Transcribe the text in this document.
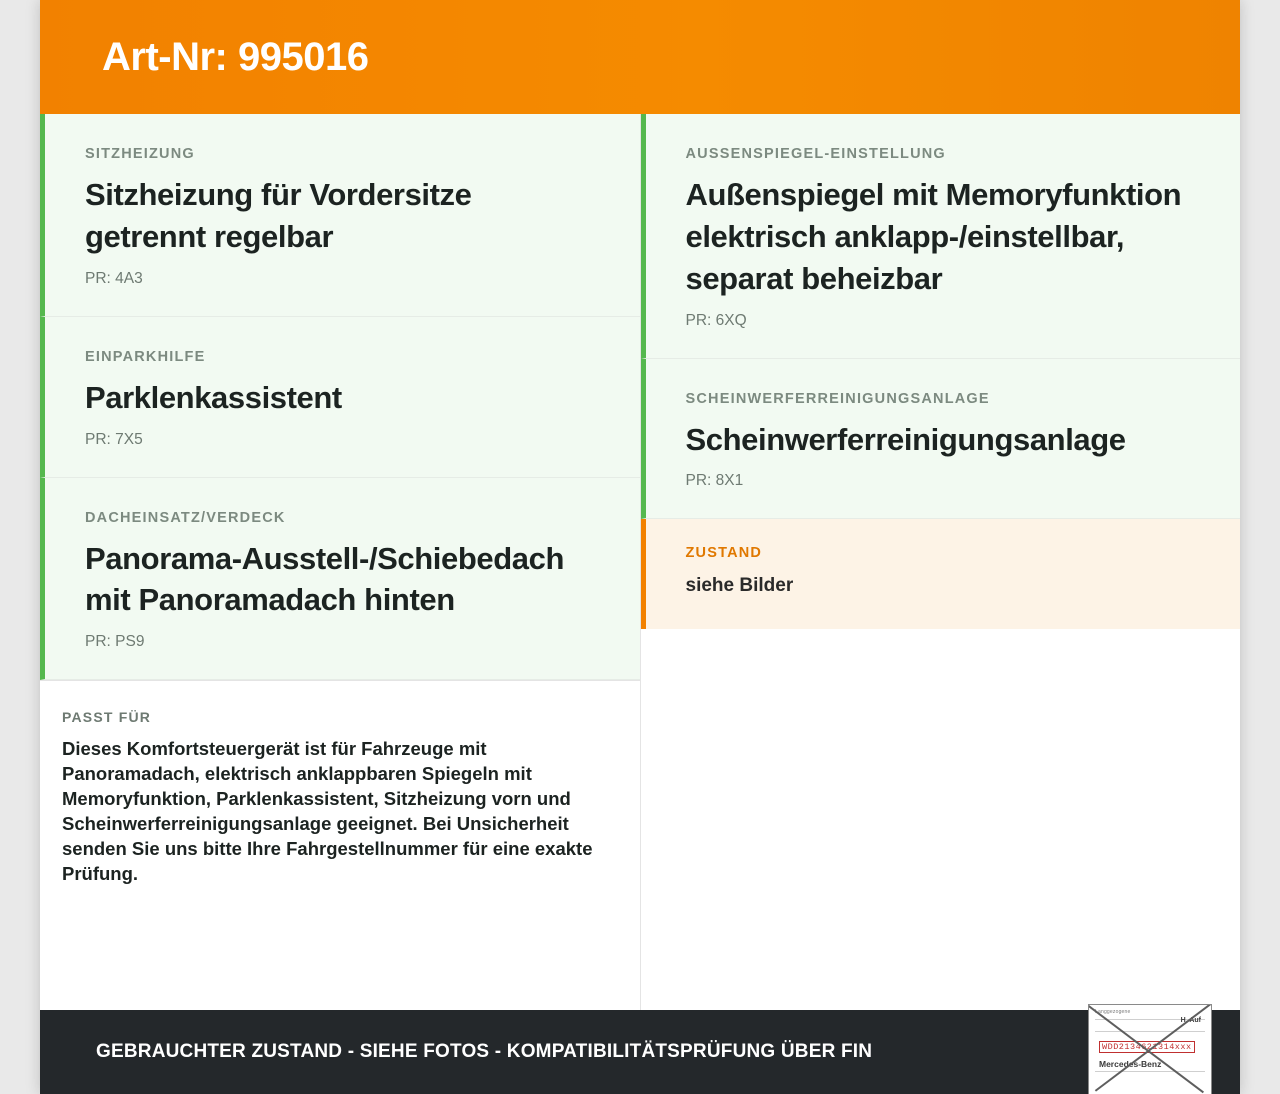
Art-Nr: 995016
SITZHEIZUNG
Sitzheizung für Vordersitze getrennt regelbar
PR: 4A3
EINPARKHILFE
Parklenkassistent
PR: 7X5
DACHEINSATZ/VERDECK
Panorama-Ausstell-/Schiebedach mit Panoramadach hinten
PR: PS9
PASST FÜR
Dieses Komfortsteuergerät ist für Fahrzeuge mit Panoramadach, elektrisch anklappbaren Spiegeln mit Memoryfunktion, Parklenkassistent, Sitzheizung vorn und Scheinwerferreinigungsanlage geeignet. Bei Unsicherheit senden Sie uns bitte Ihre Fahrgestellnummer für eine exakte Prüfung.
AUSSENSPIEGEL-EINSTELLUNG
Außenspiegel mit Memoryfunktion elektrisch anklapp-/einstellbar, separat beheizbar
PR: 6XQ
SCHEINWERFERREINIGUNGSANLAGE
Scheinwerferreinigungsanlage
PR: 8X1
ZUSTAND
siehe Bilder
GEBRAUCHTER ZUSTAND - SIEHE FOTOS - KOMPATIBILITÄTSPRÜFUNG ÜBER FIN
Langgezogene
H. Auf
WDD2134621314xxx
Mercedes-Benz
